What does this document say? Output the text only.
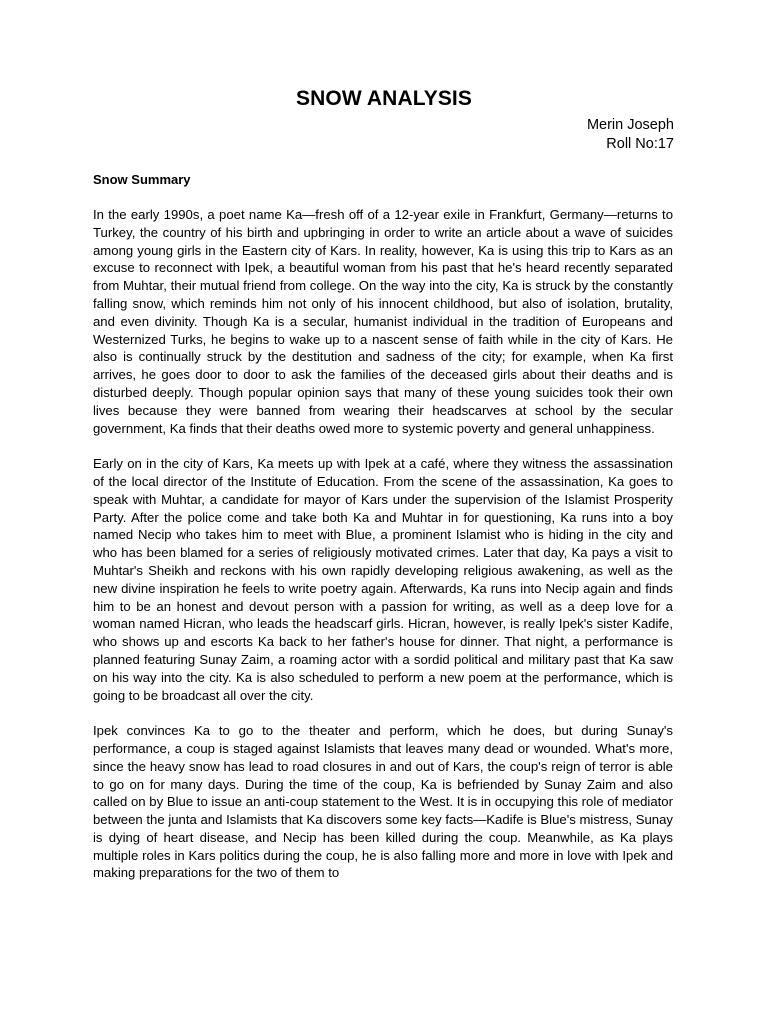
SNOW ANALYSIS
Merin Joseph
Roll No:17
Snow Summary

In the early 1990s, a poet name Ka—fresh off of a 12-year exile in Frankfurt, Germany—returns to Turkey, the country of his birth and upbringing in order to write an article about a wave of suicides among young girls in the Eastern city of Kars. In reality, however, Ka is using this trip to Kars as an excuse to reconnect with Ipek, a beautiful woman from his past that he's heard recently separated from Muhtar, their mutual friend from college. On the way into the city, Ka is struck by the constantly falling snow, which reminds him not only of his innocent childhood, but also of isolation, brutality, and even divinity. Though Ka is a secular, humanist individual in the tradition of Europeans and Westernized Turks, he begins to wake up to a nascent sense of faith while in the city of Kars. He also is continually struck by the destitution and sadness of the city; for example, when Ka first arrives, he goes door to door to ask the families of the deceased girls about their deaths and is disturbed deeply. Though popular opinion says that many of these young suicides took their own lives because they were banned from wearing their headscarves at school by the secular government, Ka finds that their deaths owed more to systemic poverty and general unhappiness.

Early on in the city of Kars, Ka meets up with Ipek at a café, where they witness the assassination of the local director of the Institute of Education. From the scene of the assassination, Ka goes to speak with Muhtar, a candidate for mayor of Kars under the supervision of the Islamist Prosperity Party. After the police come and take both Ka and Muhtar in for questioning, Ka runs into a boy named Necip who takes him to meet with Blue, a prominent Islamist who is hiding in the city and who has been blamed for a series of religiously motivated crimes. Later that day, Ka pays a visit to Muhtar's Sheikh and reckons with his own rapidly developing religious awakening, as well as the new divine inspiration he feels to write poetry again. Afterwards, Ka runs into Necip again and finds him to be an honest and devout person with a passion for writing, as well as a deep love for a woman named Hicran, who leads the headscarf girls. Hicran, however, is really Ipek's sister Kadife, who shows up and escorts Ka back to her father's house for dinner. That night, a performance is planned featuring Sunay Zaim, a roaming actor with a sordid political and military past that Ka saw on his way into the city. Ka is also scheduled to perform a new poem at the performance, which is going to be broadcast all over the city.

Ipek convinces Ka to go to the theater and perform, which he does, but during Sunay's performance, a coup is staged against Islamists that leaves many dead or wounded. What's more, since the heavy snow has lead to road closures in and out of Kars, the coup's reign of terror is able to go on for many days. During the time of the coup, Ka is befriended by Sunay Zaim and also called on by Blue to issue an anti-coup statement to the West. It is in occupying this role of mediator between the junta and Islamists that Ka discovers some key facts—Kadife is Blue's mistress, Sunay is dying of heart disease, and Necip has been killed during the coup. Meanwhile, as Ka plays multiple roles in Kars politics during the coup, he is also falling more and more in love with Ipek and making preparations for the two of them to
